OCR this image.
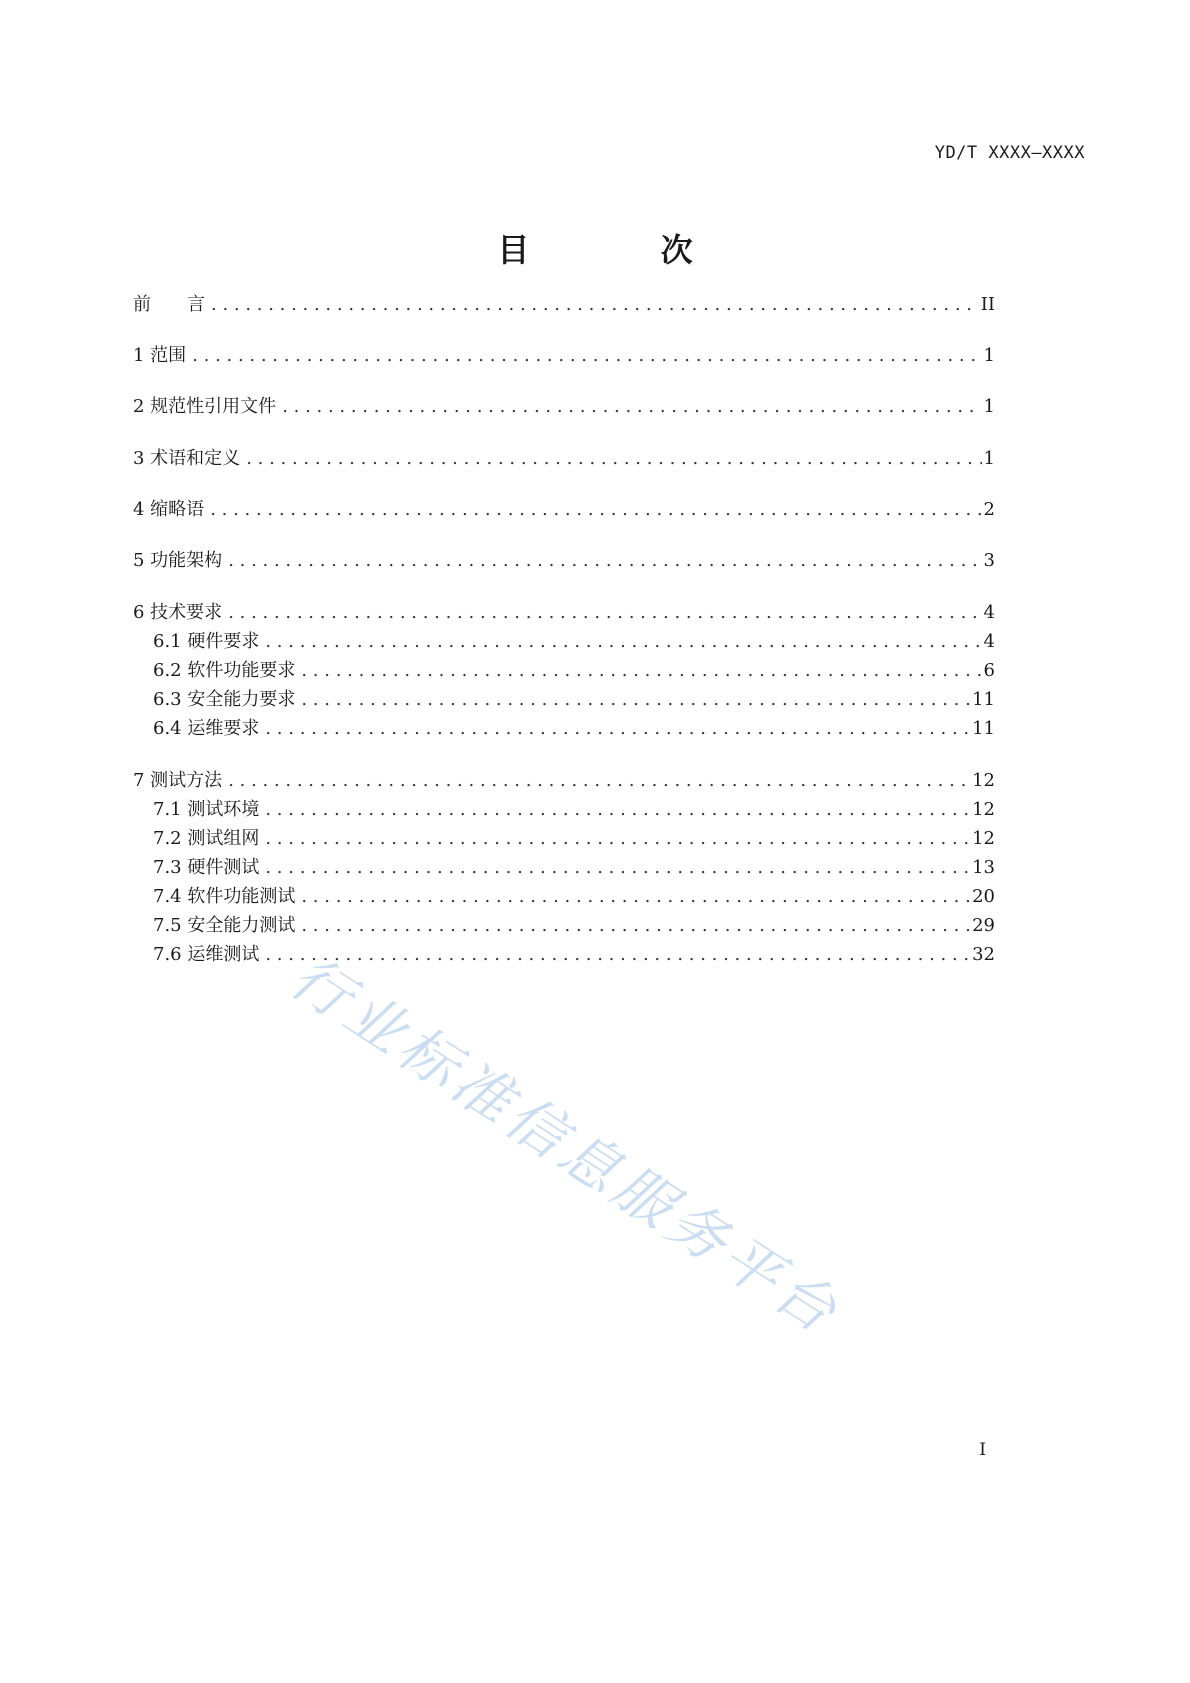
YD/T XXXX—XXXX
目 次
前　　言 . . .	II
1 范围 . . .	1
2 规范性引用文件 . . .	1
3 术语和定义 . . .	1
4 缩略语 . . .	2
5 功能架构 . . .	3
6 技术要求 . . .	4
6.1 硬件要求 . . .	4
6.2 软件功能要求 . . .	6
6.3 安全能力要求 . . .	11
6.4 运维要求 . . .	11
7 测试方法 . . .	12
7.1 测试环境 . . .	12
7.2 测试组网 . . .	12
7.3 硬件测试 . . .	13
7.4 软件功能测试 . . .	20
7.5 安全能力测试 . . .	29
7.6 运维测试 . . .	32
行业标准信息服务平台
I
